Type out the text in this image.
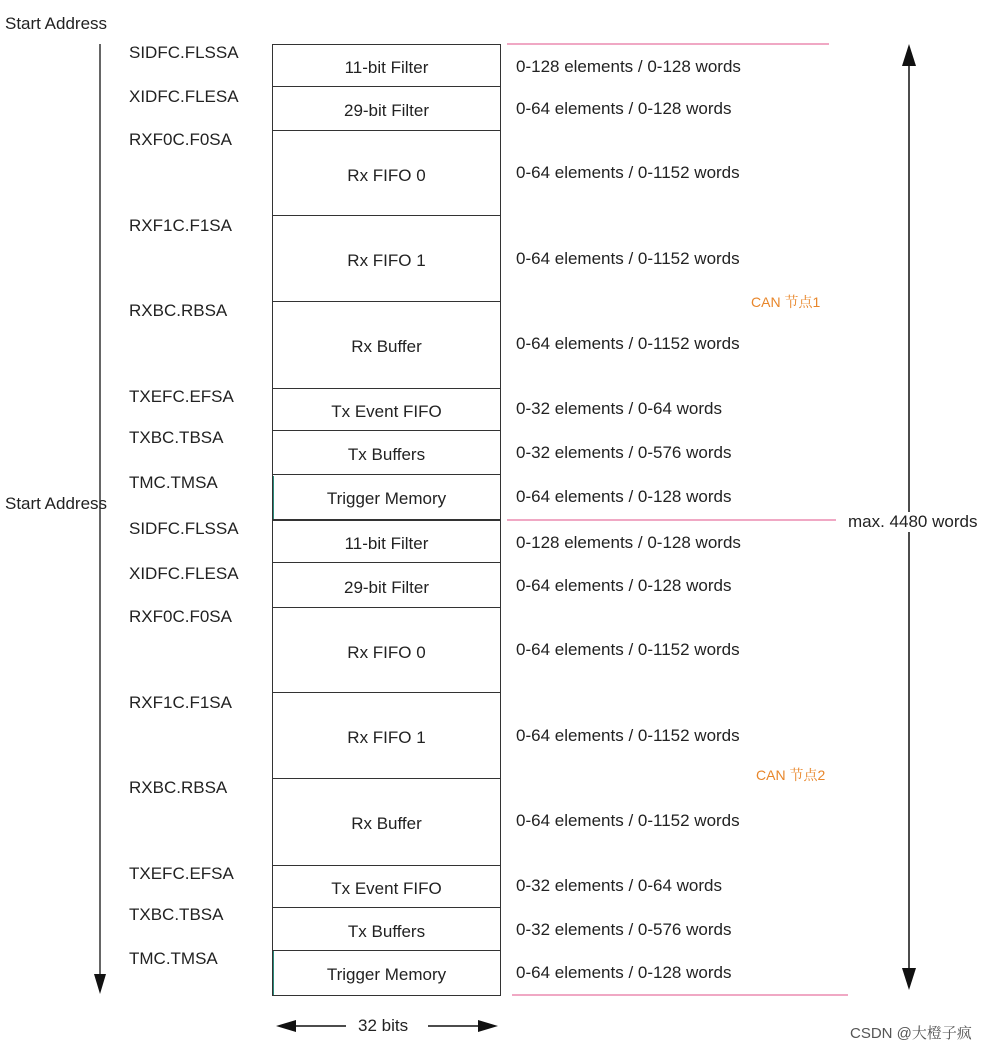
Start Address
11-bit Filter
29-bit Filter
Rx FIFO 0
Rx FIFO 1
Rx Buffer
Tx Event FIFO
Tx Buffers
Trigger Memory
SIDFC.FLSSA
XIDFC.FLESA
RXF0C.F0SA
RXF1C.F1SA
RXBC.RBSA
TXEFC.EFSA
TXBC.TBSA
TMC.TMSA
0-128 elements / 0-128 words
0-64 elements / 0-128 words
0-64 elements / 0-1152 words
0-64 elements / 0-1152 words
0-64 elements / 0-1152 words
0-32 elements / 0-64 words
0-32 elements / 0-576 words
0-64 elements / 0-128 words
CAN 节点1
Start Address
11-bit Filter
29-bit Filter
Rx FIFO 0
Rx FIFO 1
Rx Buffer
Tx Event FIFO
Tx Buffers
Trigger Memory
SIDFC.FLSSA
XIDFC.FLESA
RXF0C.F0SA
RXF1C.F1SA
RXBC.RBSA
TXEFC.EFSA
TXBC.TBSA
TMC.TMSA
0-128 elements / 0-128 words
0-64 elements / 0-128 words
0-64 elements / 0-1152 words
0-64 elements / 0-1152 words
0-64 elements / 0-1152 words
0-32 elements / 0-64 words
0-32 elements / 0-576 words
0-64 elements / 0-128 words
CAN 节点2
max. 4480 words
32 bits	CSDN @大橙子疯
